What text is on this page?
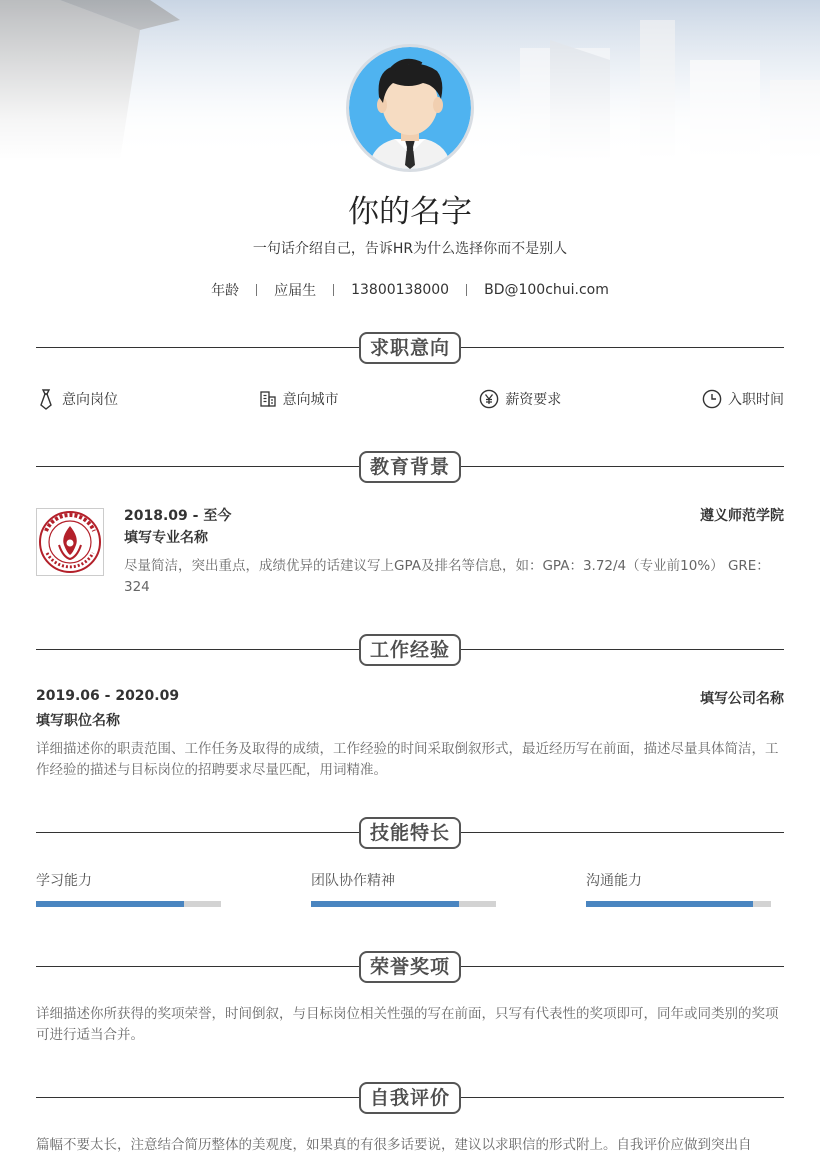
你的名字
一句话介绍自己，告诉HR为什么选择你而不是别人
年龄	应届生	13800138000	BD@100chui.com
求职意向
意向岗位	意向城市	薪资要求	入职时间
教育背景
2018.09 - 至今
填写专业名称
遵义师范学院
尽量简洁，突出重点，成绩优异的话建议写上GPA及排名等信息，如：GPA：3.72/4（专业前10%） GRE：324
工作经验
2019.06 - 2020.09
填写职位名称
填写公司名称
详细描述你的职责范围、工作任务及取得的成绩，工作经验的时间采取倒叙形式，最近经历写在前面，描述尽量具体简洁，工作经验的描述与目标岗位的招聘要求尽量匹配，用词精准。
技能特长
学习能力	团队协作精神	沟通能力
荣誉奖项
详细描述你所获得的奖项荣誉，时间倒叙，与目标岗位相关性强的写在前面，只写有代表性的奖项即可，同年或同类别的奖项可进行适当合并。
自我评价
篇幅不要太长，注意结合简历整体的美观度，如果真的有很多话要说，建议以求职信的形式附上。自我评价应做到突出自
